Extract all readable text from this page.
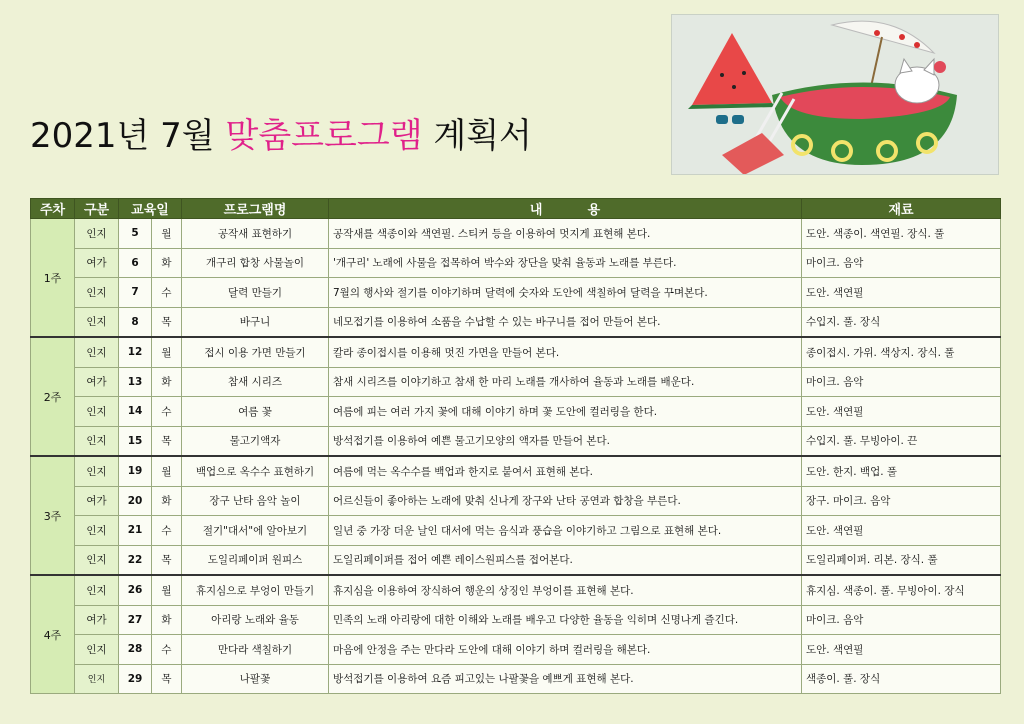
2021년 7월 맞춤프로그램 계획서
주차	구분	교육일		프로그램명	내          용	재료
1주	인지	5	월	공작새 표현하기	공작새를 색종이와 색연필. 스티커 등을 이용하여 멋지게 표현해 본다.	도안. 색종이. 색연필. 장식. 풀
	여가	6	화	개구리 합창 사물놀이	'개구리' 노래에 사물을 접목하여 박수와 장단을 맞춰 율동과 노래를 부른다.	마이크. 음악
	인지	7	수	달력 만들기	7월의 행사와 절기를 이야기하며 달력에 숫자와 도안에 색칠하여 달력을 꾸며본다.	도안. 색연필
	인지	8	목	바구니	네모접기를 이용하여 소품을 수납할 수 있는 바구니를 접어 만들어 본다.	수입지. 풀. 장식
2주	인지	12	월	접시 이용 가면 만들기	칼라 종이접시를 이용해 멋진 가면을 만들어 본다.	종이접시. 가위. 색상지. 장식. 풀
	여가	13	화	참새 시리즈	참새 시리즈를 이야기하고 참새 한 마리 노래를 개사하여 율동과 노래를 배운다.	마이크. 음악
	인지	14	수	여름 꽃	여름에 피는 여러 가지 꽃에 대해 이야기 하며 꽃 도안에 컬러링을 한다.	도안. 색연필
	인지	15	목	물고기액자	방석접기를 이용하여 예쁜 물고기모양의 액자를 만들어 본다.	수입지. 풀. 무빙아이. 끈
3주	인지	19	월	백업으로 옥수수 표현하기	여름에 먹는 옥수수를 백업과 한지로 붙여서 표현해 본다.	도안. 한지. 백업. 풀
	여가	20	화	장구 난타 음악 놀이	어르신들이 좋아하는 노래에 맞춰 신나게 장구와 난타 공연과 합창을 부른다.	장구. 마이크. 음악
	인지	21	수	절기"대서"에 알아보기	일년 중 가장 더운 날인 대서에 먹는 음식과 풍습을 이야기하고 그림으로 표현해 본다.	도안. 색연필
	인지	22	목	도일리페이퍼 원피스	도일리페이퍼를 접어 예쁜 레이스원피스를 접어본다.	도일리페이퍼. 리본. 장식. 풀
4주	인지	26	월	휴지심으로 부엉이 만들기	휴지심을 이용하여 장식하여 행운의 상징인 부엉이를 표현해 본다.	휴지심. 색종이. 풀. 무빙아이. 장식
	여가	27	화	아리랑 노래와 율동	민족의 노래 아리랑에 대한 이해와 노래를 배우고 다양한 율동을 익히며 신명나게 즐긴다.	마이크. 음악
	인지	28	수	만다라 색칠하기	마음에 안정을 주는 만다라 도안에 대해 이야기 하며 컬러링을 해본다.	도안. 색연필
	인지	29	목	나팔꽃	방석접기를 이용하여 요즘 피고있는 나팔꽃을 예쁘게 표현해 본다.	색종이. 풀. 장식
